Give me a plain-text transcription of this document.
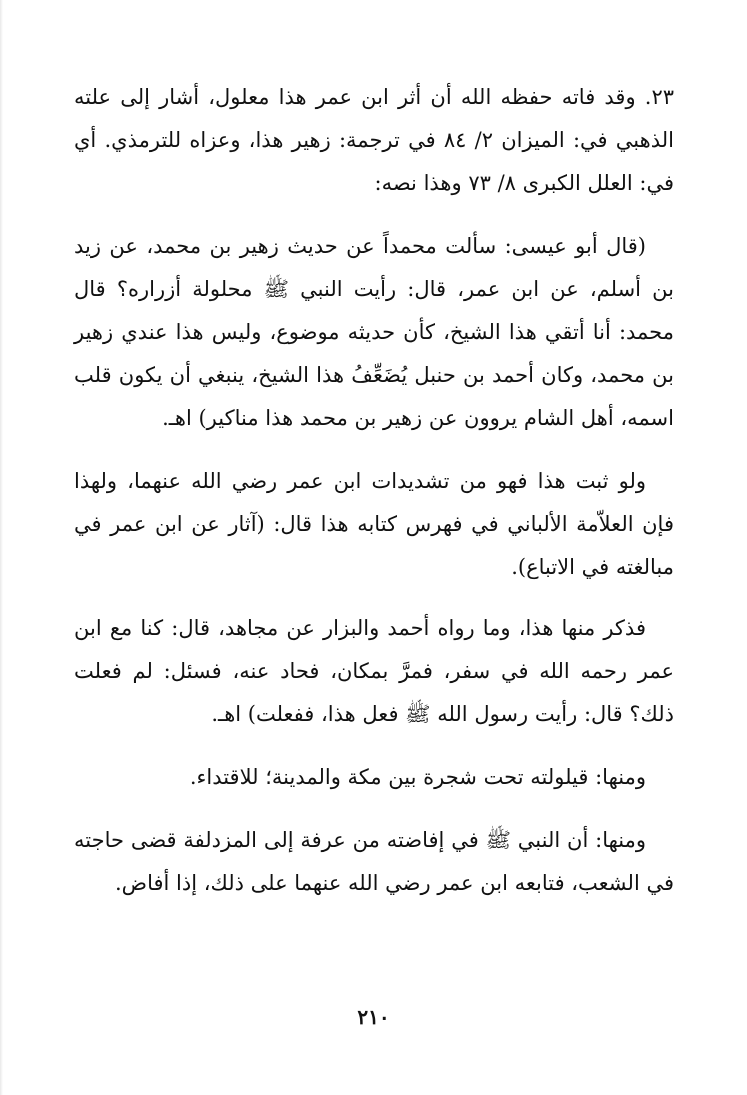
٢٣. وقد فاته حفظه الله أن أثر ابن عمر هذا معلول، أشار إلى علته الذهبي في: الميزان ٢/ ٨٤ في ترجمة: زهير هذا، وعزاه للترمذي. أي في: العلل الكبرى ٨/ ٧٣ وهذا نصه:

(قال أبو عيسى: سألت محمداً عن حديث زهير بن محمد، عن زيد بن أسلم، عن ابن عمر، قال: رأيت النبي ﷺ محلولة أزراره؟ قال محمد: أنا أتقي هذا الشيخ، كأن حديثه موضوع، وليس هذا عندي زهير بن محمد، وكان أحمد بن حنبل يُضَعِّفُ هذا الشيخ، ينبغي أن يكون قلب اسمه، أهل الشام يروون عن زهير بن محمد هذا مناكير) اهـ.

ولو ثبت هذا فهو من تشديدات ابن عمر رضي الله عنهما، ولهذا فإن العلاّمة الألباني في فهرس كتابه هذا قال: (آثار عن ابن عمر في مبالغته في الاتباع).

فذكر منها هذا، وما رواه أحمد والبزار عن مجاهد، قال: كنا مع ابن عمر رحمه الله في سفر، فمرَّ بمكان، فحاد عنه، فسئل: لم فعلت ذلك؟ قال: رأيت رسول الله ﷺ فعل هذا، ففعلت) اهـ.

ومنها: قيلولته تحت شجرة بين مكة والمدينة؛ للاقتداء.

ومنها: أن النبي ﷺ في إفاضته من عرفة إلى المزدلفة قضى حاجته في الشعب، فتابعه ابن عمر رضي الله عنهما على ذلك، إذا أفاض.

٢١٠
